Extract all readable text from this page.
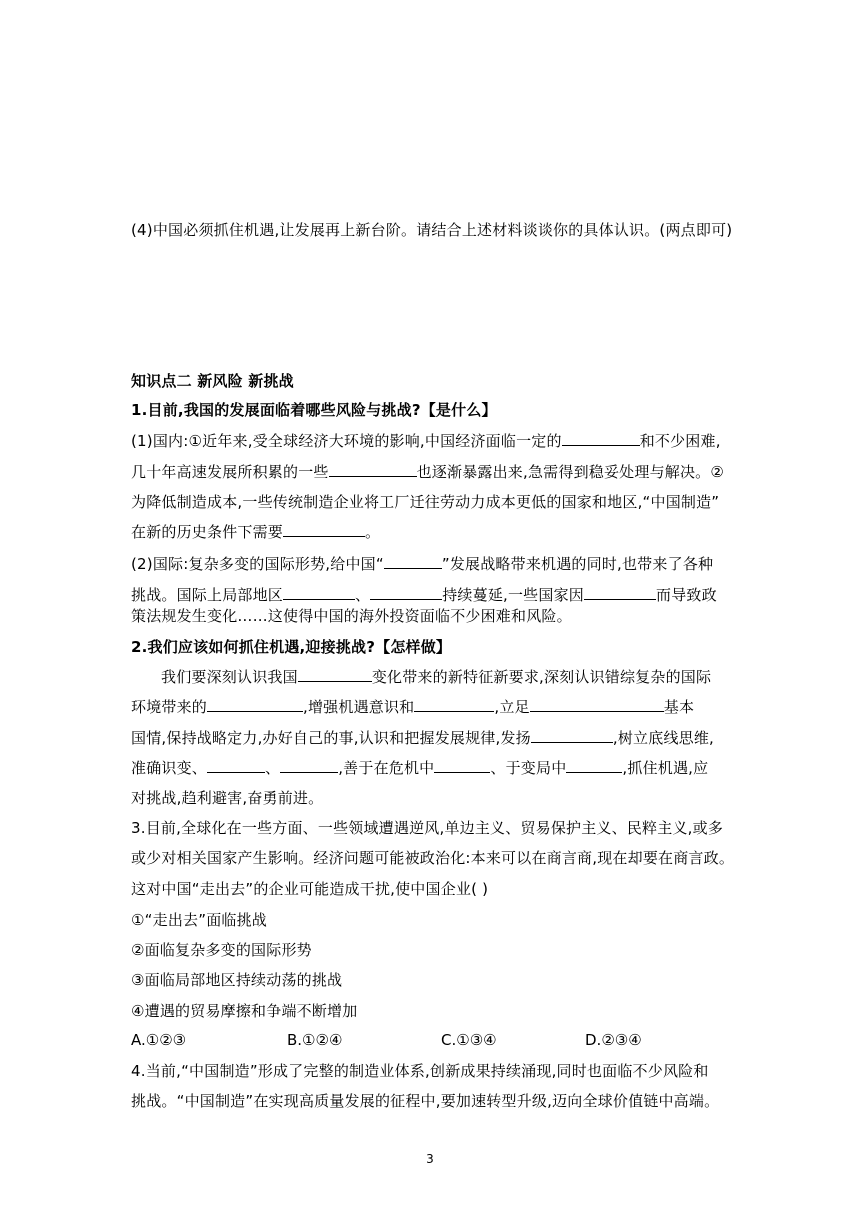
(4)中国必须抓住机遇,让发展再上新台阶。请结合上述材料谈谈你的具体认识。(两点即可)
知识点二 新风险 新挑战
1.目前,我国的发展面临着哪些风险与挑战?【是什么】
(1)国内:①近年来,受全球经济大环境的影响,中国经济面临一定的	和不少困难,
几十年高速发展所积累的一些	也逐渐暴露出来,急需得到稳妥处理与解决。②
为降低制造成本,一些传统制造企业将工厂迁往劳动力成本更低的国家和地区,“中国制造”
在新的历史条件下需要	。
(2)国际:复杂多变的国际形势,给中国“	”发展战略带来机遇的同时,也带来了各种
挑战。国际上局部地区	、	持续蔓延,一些国家因	而导致政
策法规发生变化……这使得中国的海外投资面临不少困难和风险。
2.我们应该如何抓住机遇,迎接挑战?【怎样做】
我们要深刻认识我国	变化带来的新特征新要求,深刻认识错综复杂的国际
环境带来的	,增强机遇意识和	,立足	基本
国情,保持战略定力,办好自己的事,认识和把握发展规律,发扬	,树立底线思维,
准确识变、	、	,善于在危机中	、于变局中	,抓住机遇,应
对挑战,趋利避害,奋勇前进。
3.目前,全球化在一些方面、一些领域遭遇逆风,单边主义、贸易保护主义、民粹主义,或多
或少对相关国家产生影响。经济问题可能被政治化:本来可以在商言商,现在却要在商言政。
这对中国“走出去”的企业可能造成干扰,使中国企业( )
①“走出去”面临挑战
②面临复杂多变的国际形势
③面临局部地区持续动荡的挑战
④遭遇的贸易摩擦和争端不断增加
A.①②③	B.①②④	C.①③④	D.②③④
4.当前,“中国制造”形成了完整的制造业体系,创新成果持续涌现,同时也面临不少风险和
挑战。“中国制造”在实现高质量发展的征程中,要加速转型升级,迈向全球价值链中高端。
3
